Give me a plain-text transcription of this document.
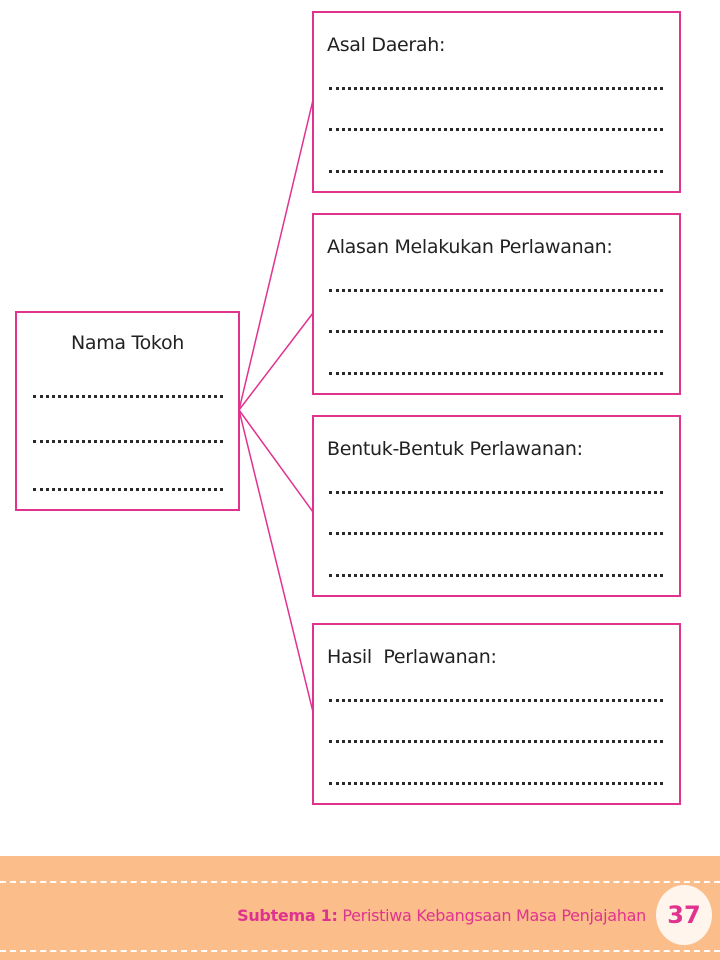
Nama Tokoh
Asal Daerah:
Alasan Melakukan Perlawanan:
Bentuk-Bentuk Perlawanan:
Hasil  Perlawanan:
Subtema 1: Peristiwa Kebangsaan Masa Penjajahan 37
